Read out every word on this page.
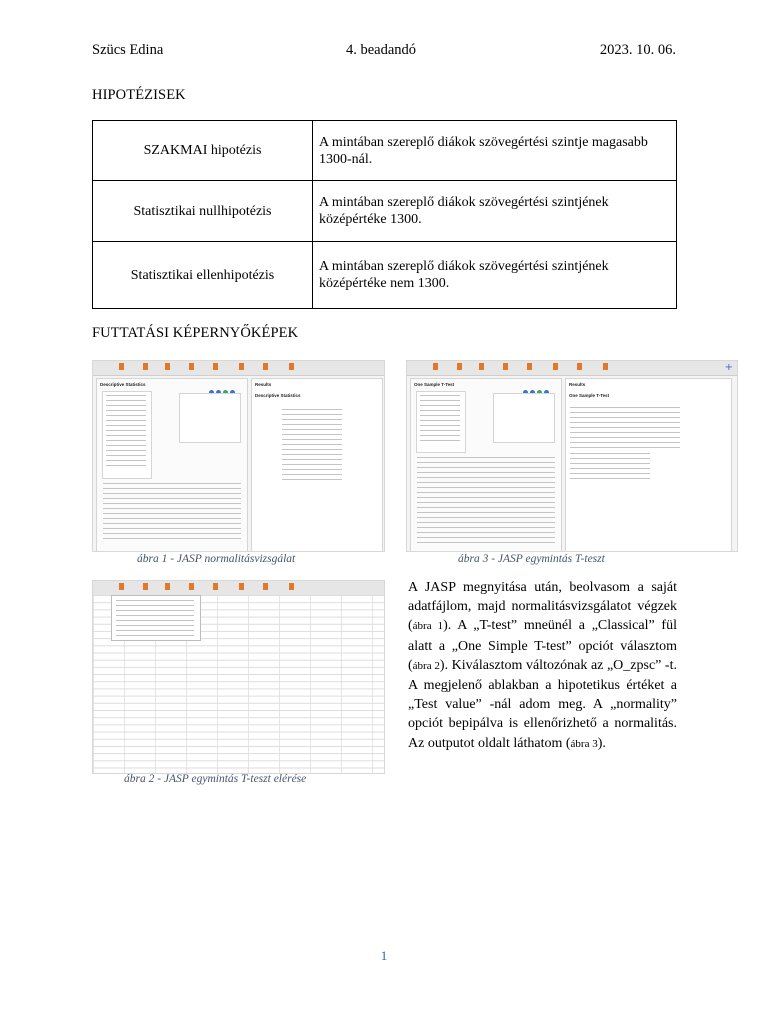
Szücs Edina	4. beadandó	2023. 10. 06.
HIPOTÉZISEK
SZAKMAI hipotézis	A mintában szereplő diákok szövegértési szintje magasabb 1300-nál.
Statisztikai nullhipotézis	A mintában szereplő diákok szövegértési szintjének középértéke 1300.
Statisztikai ellenhipotézis	A mintában szereplő diákok szövegértési szintjének középértéke nem 1300.
FUTTATÁSI KÉPERNYŐKÉPEK
Descriptive Statistics	Results
Descriptive Statistics
ábra 1 - JASP normalitásvizsgálat
One Sample T-Test	Results
One Sample T-Test
+
ábra 3 - JASP egymintás T-teszt
ábra 2 - JASP egymintás T-teszt elérése
A JASP megnyitása után, beolvasom a saját adatfájlom, majd normalitásvizsgálatot végzek (ábra 1). A „T-test” mneünél a „Classical” fül alatt a „One Simple T-test” opciót választom (ábra 2). Kiválasztom változónak az „O_zpsc” -t. A megjelenő ablakban a hipotetikus értéket a „Test value” -nál adom meg. A „normality” opciót bepipálva is ellenőrizhető a normalitás. Az outputot oldalt láthatom (ábra 3).
1
